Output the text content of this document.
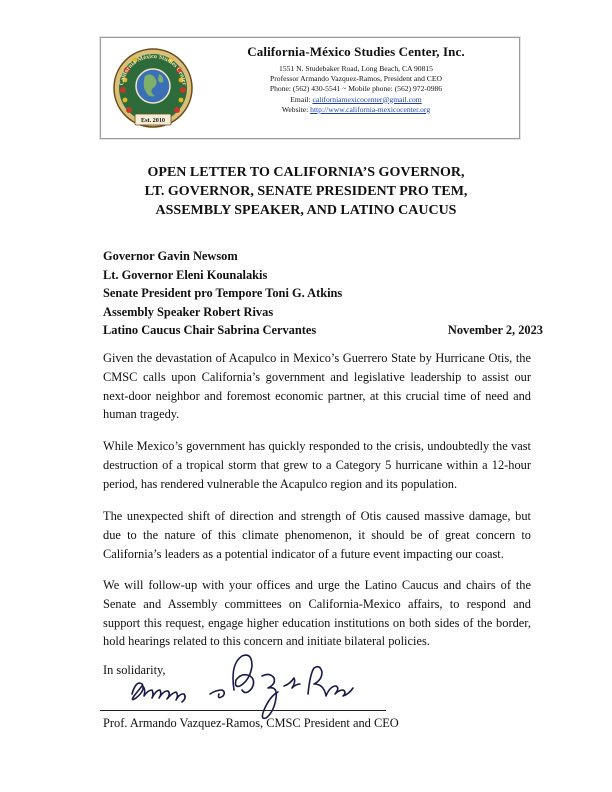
California-México Studies Center
Est. 2010
California-México Studies Center, Inc.
1551 N. Studebaker Road, Long Beach, CA 90815
Professor Armando Vazquez-Ramos, President and CEO
Phone: (562) 430-5541 ~ Mobile phone: (562) 972-0986
Email: californiamexicocenter@gmail.com
Website: http://www.california-mexicocenter.org
OPEN LETTER TO CALIFORNIA’S GOVERNOR,
LT. GOVERNOR, SENATE PRESIDENT PRO TEM,
ASSEMBLY SPEAKER, AND LATINO CAUCUS
Governor Gavin Newsom
Lt. Governor Eleni Kounalakis
Senate President pro Tempore Toni G. Atkins
Assembly Speaker Robert Rivas
Latino Caucus Chair Sabrina Cervantes	November 2, 2023
Given the devastation of Acapulco in Mexico’s Guerrero State by Hurricane Otis, the CMSC calls upon California’s government and legislative leadership to assist our next-door neighbor and foremost economic partner, at this crucial time of need and human tragedy.
While Mexico’s government has quickly responded to the crisis, undoubtedly the vast destruction of a tropical storm that grew to a Category 5 hurricane within a 12-hour period, has rendered vulnerable the Acapulco region and its population.
The unexpected shift of direction and strength of Otis caused massive damage, but due to the nature of this climate phenomenon, it should be of great concern to California’s leaders as a potential indicator of a future event impacting our coast.
We will follow-up with your offices and urge the Latino Caucus and chairs of the Senate and Assembly committees on California-Mexico affairs, to respond and support this request, engage higher education institutions on both sides of the border, hold hearings related to this concern and initiate bilateral policies.
In solidarity,
Prof. Armando Vazquez-Ramos, CMSC President and CEO
